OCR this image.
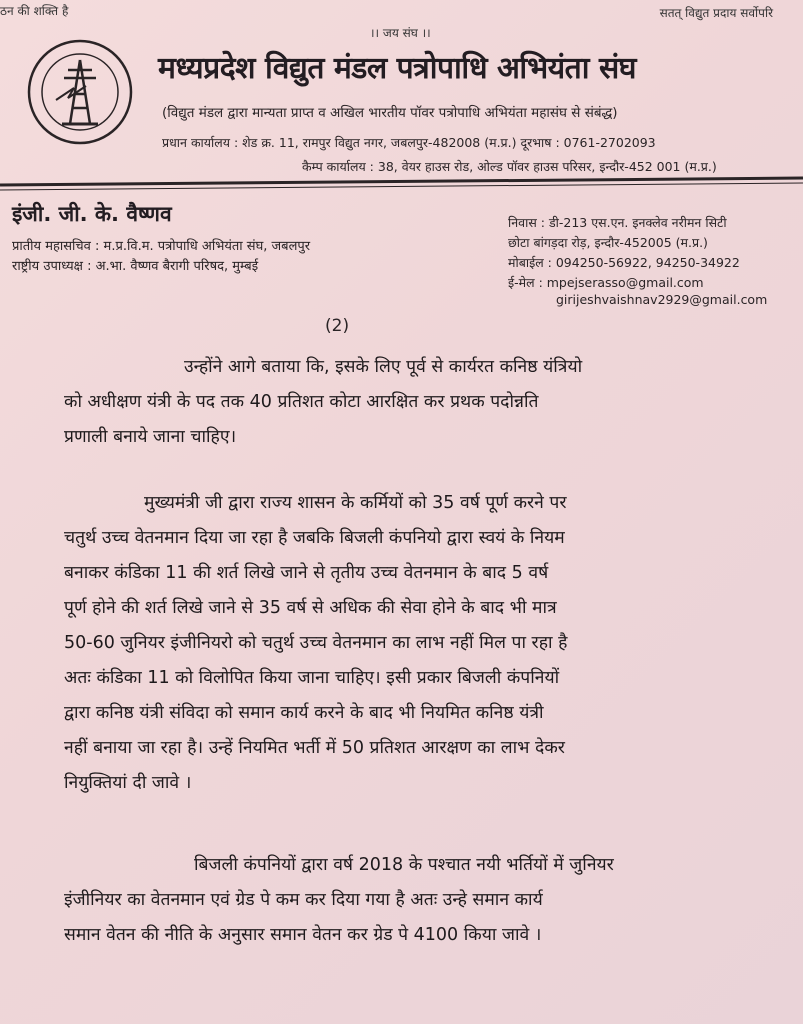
ठन की शक्ति है
।। जय संघ ।।
सतत् विद्युत प्रदाय सर्वोपरि
मध्यप्रदेश विद्युत मंडल पत्रोपाधि अभियंता संघ
(विद्युत मंडल द्वारा मान्यता प्राप्त व अखिल भारतीय पॉवर पत्रोपाधि अभियंता महासंघ से संबंद्ध)
प्रधान कार्यालय : शेड क्र. 11, रामपुर विद्युत नगर, जबलपुर-482008 (म.प्र.) दूरभाष : 0761-2702093
कैम्प कार्यालय : 38, वेयर हाउस रोड, ओल्ड पॉवर हाउस परिसर, इन्दौर-452 001 (म.प्र.)
इंजी. जी. के. वैष्णव
प्रातीय महासचिव : म.प्र.वि.म. पत्रोपाधि अभियंता संघ, जबलपुर
राष्ट्रीय उपाध्यक्ष : अ.भा. वैष्णव बैरागी परिषद, मुम्बई
निवास : डी-213 एस.एन. इनक्लेव नरीमन सिटी
छोटा बांगड़दा रोड़, इन्दौर-452005 (म.प्र.)
मोबाईल : 094250-56922, 94250-34922
ई-मेल : mpejserasso@gmail.com
girijeshvaishnav2929@gmail.com
(2)
उन्होंने आगे बताया कि, इसके लिए पूर्व से कार्यरत कनिष्ठ यंत्रियो
को अधीक्षण यंत्री के पद तक 40 प्रतिशत कोटा आरक्षित कर प्रथक पदोन्नति
प्रणाली बनाये जाना चाहिए।
मुख्यमंत्री जी द्वारा राज्य शासन के कर्मियों को 35 वर्ष पूर्ण करने पर
चतुर्थ उच्च वेतनमान दिया जा रहा है जबकि बिजली कंपनियो द्वारा स्वयं के नियम
बनाकर कंडिका 11 की शर्त लिखे जाने से तृतीय उच्च वेतनमान के बाद 5 वर्ष
पूर्ण होने की शर्त लिखे जाने से 35 वर्ष से अधिक की सेवा होने के बाद भी मात्र
50-60 जुनियर इंजीनियरो को चतुर्थ उच्च वेतनमान का लाभ नहीं मिल पा रहा है
अतः कंडिका 11 को विलोपित किया जाना चाहिए। इसी प्रकार बिजली कंपनियों
द्वारा कनिष्ठ यंत्री संविदा को समान कार्य करने के बाद भी नियमित कनिष्ठ यंत्री
नहीं बनाया जा रहा है। उन्हें नियमित भर्ती में 50 प्रतिशत आरक्षण का लाभ देकर
नियुक्तियां दी जावे ।
बिजली कंपनियों द्वारा वर्ष 2018 के पश्चात नयी भर्तियों में जुनियर
इंजीनियर का वेतनमान एवं ग्रेड पे कम कर दिया गया है अतः उन्हे समान कार्य
समान वेतन की नीति के अनुसार समान वेतन कर ग्रेड पे 4100 किया जावे ।
